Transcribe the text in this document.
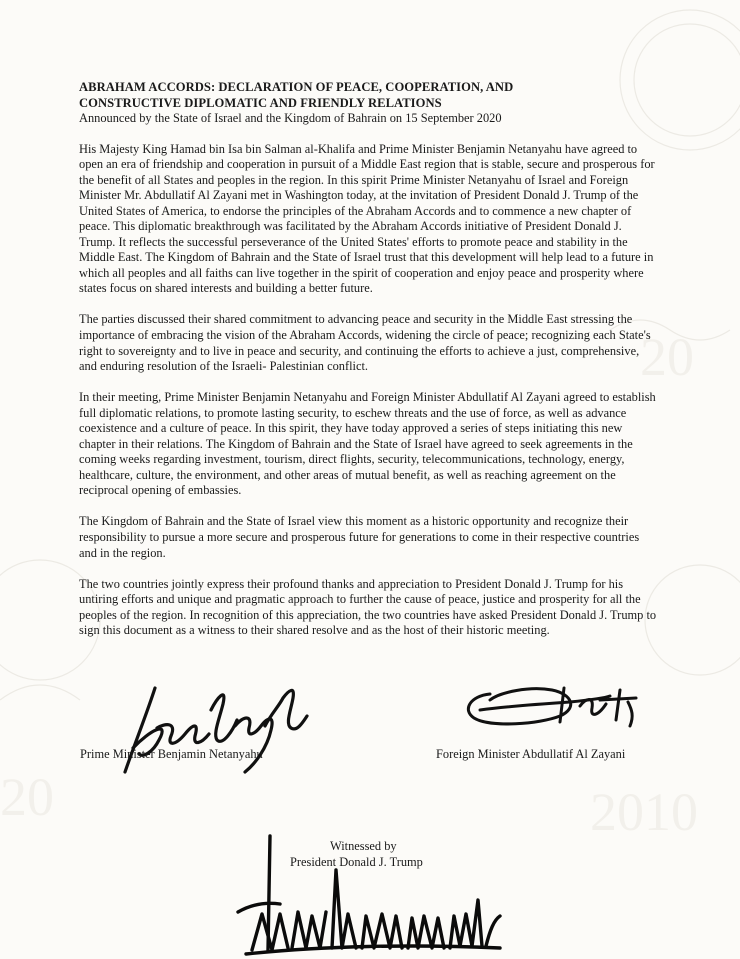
20
20	2010

ABRAHAM ACCORDS: DECLARATION OF PEACE, COOPERATION, AND
CONSTRUCTIVE DIPLOMATIC AND FRIENDLY RELATIONS

Announced by the State of Israel and the Kingdom of Bahrain on 15 September 2020

His Majesty King Hamad bin Isa bin Salman al-Khalifa and Prime Minister Benjamin Netanyahu have agreed to open an era of friendship and cooperation in pursuit of a Middle East region that is stable, secure and prosperous for the benefit of all States and peoples in the region. In this spirit Prime Minister Netanyahu of Israel and Foreign Minister Mr. Abdullatif Al Zayani met in Washington today, at the invitation of President Donald J. Trump of the United States of America, to endorse the principles of the Abraham Accords and to commence a new chapter of peace. This diplomatic breakthrough was facilitated by the Abraham Accords initiative of President Donald J. Trump. It reflects the successful perseverance of the United States' efforts to promote peace and stability in the Middle East. The Kingdom of Bahrain and the State of Israel trust that this development will help lead to a future in which all peoples and all faiths can live together in the spirit of cooperation and enjoy peace and prosperity where states focus on shared interests and building a better future.

The parties discussed their shared commitment to advancing peace and security in the Middle East stressing the importance of embracing the vision of the Abraham Accords, widening the circle of peace; recognizing each State's right to sovereignty and to live in peace and security, and continuing the efforts to achieve a just, comprehensive, and enduring resolution of the Israeli- Palestinian conflict.

In their meeting, Prime Minister Benjamin Netanyahu and Foreign Minister Abdullatif Al Zayani agreed to establish full diplomatic relations, to promote lasting security, to eschew threats and the use of force, as well as advance coexistence and a culture of peace. In this spirit, they have today approved a series of steps initiating this new chapter in their relations. The Kingdom of Bahrain and the State of Israel have agreed to seek agreements in the coming weeks regarding investment, tourism, direct flights, security, telecommunications, technology, energy, healthcare, culture, the environment, and other areas of mutual benefit, as well as reaching agreement on the reciprocal opening of embassies.

The Kingdom of Bahrain and the State of Israel view this moment as a historic opportunity and recognize their responsibility to pursue a more secure and prosperous future for generations to come in their respective countries and in the region.

The two countries jointly express their profound thanks and appreciation to President Donald J. Trump for his untiring efforts and unique and pragmatic approach to further the cause of peace, justice and prosperity for all the peoples of the region. In recognition of this appreciation, the two countries have asked President Donald J. Trump to sign this document as a witness to their shared resolve and as the host of their historic meeting.

Prime Minister Benjamin Netanyahu	Foreign Minister Abdullatif Al Zayani
Witnessed by
President Donald J. Trump
